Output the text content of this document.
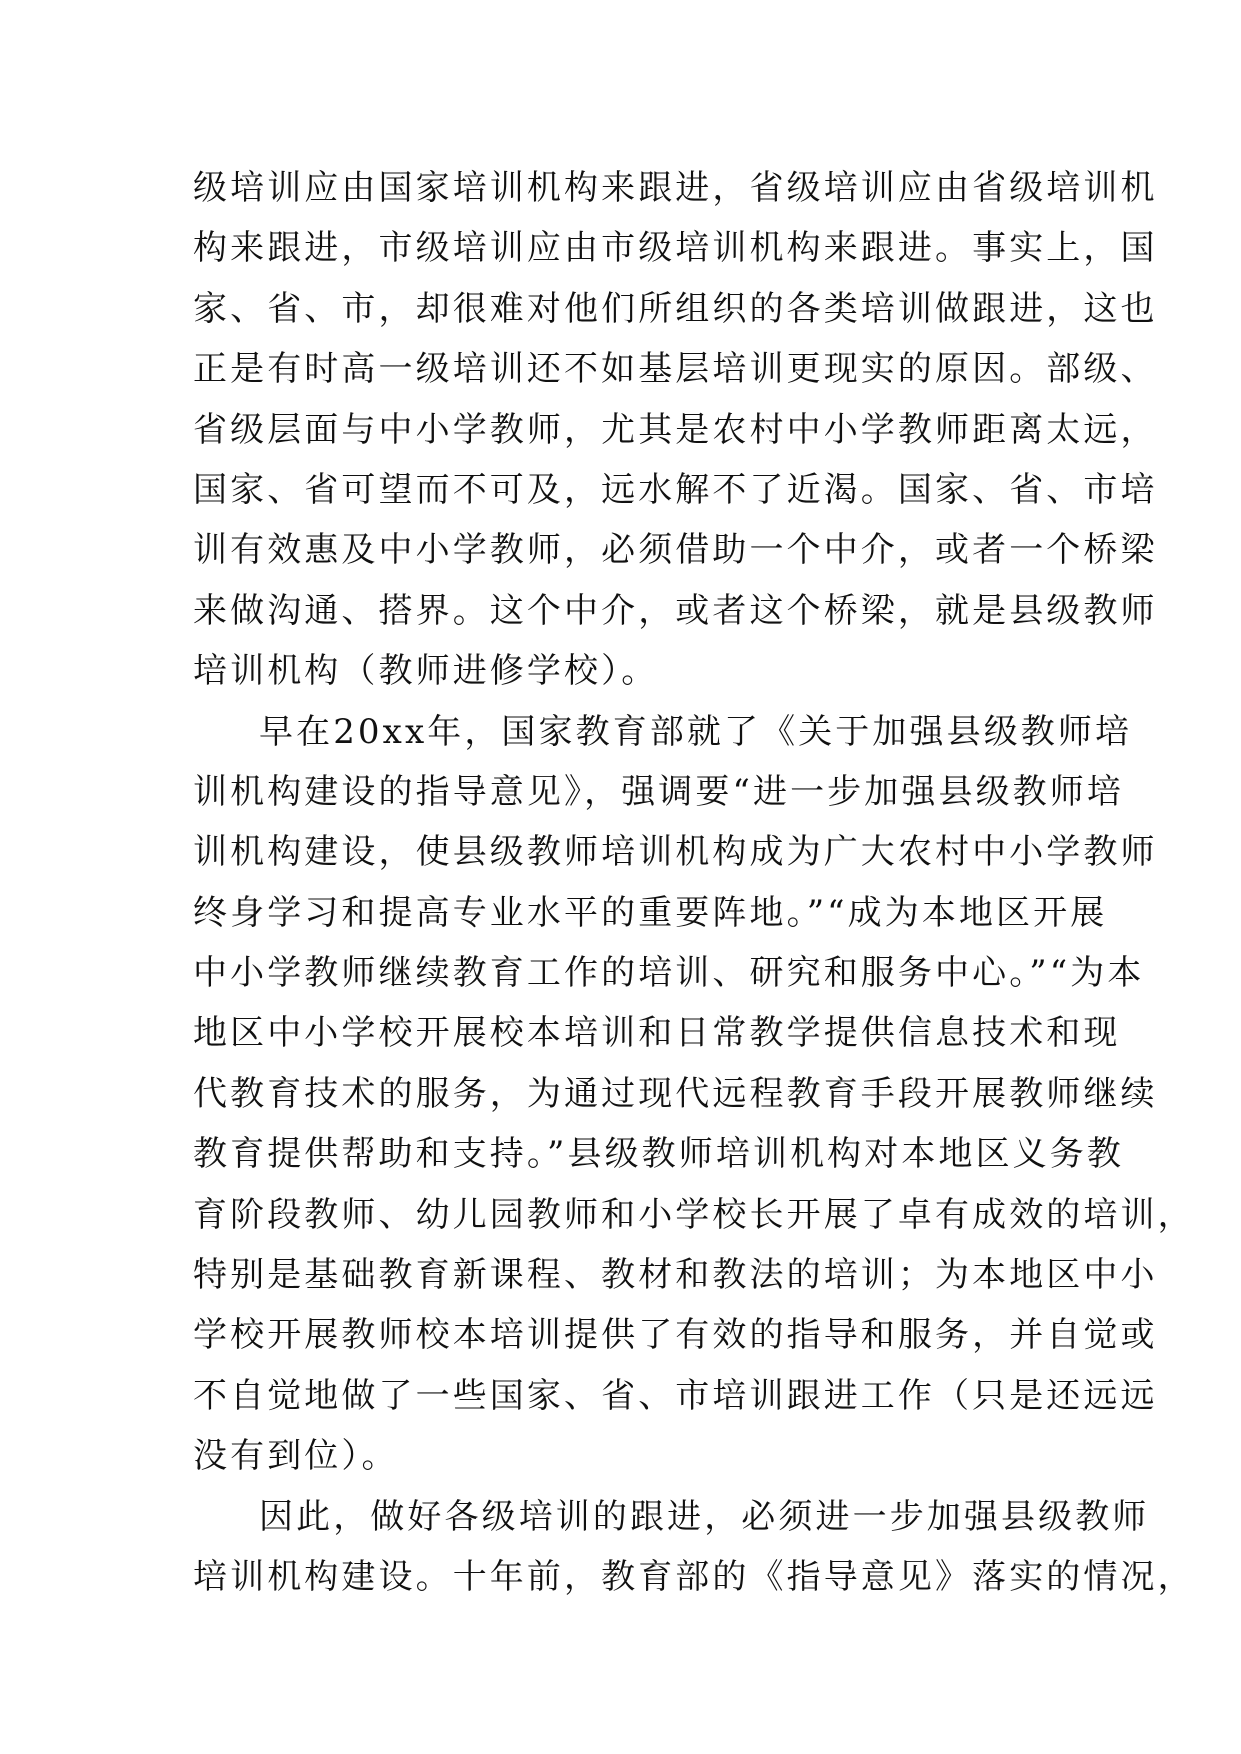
级培训应由国家培训机构来跟进，省级培训应由省级培训机
构来跟进，市级培训应由市级培训机构来跟进。事实上，国
家、省、市，却很难对他们所组织的各类培训做跟进，这也
正是有时高一级培训还不如基层培训更现实的原因。部级、
省级层面与中小学教师，尤其是农村中小学教师距离太远，
国家、省可望而不可及，远水解不了近渴。国家、省、市培
训有效惠及中小学教师，必须借助一个中介，或者一个桥梁
来做沟通、搭界。这个中介，或者这个桥梁，就是县级教师
培训机构（教师进修学校）。
早在20xx年，国家教育部就了《关于加强县级教师培
训机构建设的指导意见》，强调要“进一步加强县级教师培
训机构建设，使县级教师培训机构成为广大农村中小学教师
终身学习和提高专业水平的重要阵地。”“成为本地区开展
中小学教师继续教育工作的培训、研究和服务中心。”“为本
地区中小学校开展校本培训和日常教学提供信息技术和现
代教育技术的服务，为通过现代远程教育手段开展教师继续
教育提供帮助和支持。”县级教师培训机构对本地区义务教
育阶段教师、幼儿园教师和小学校长开展了卓有成效的培训，
特别是基础教育新课程、教材和教法的培训；为本地区中小
学校开展教师校本培训提供了有效的指导和服务，并自觉或
不自觉地做了一些国家、省、市培训跟进工作（只是还远远
没有到位）。
因此，做好各级培训的跟进，必须进一步加强县级教师
培训机构建设。十年前，教育部的《指导意见》落实的情况，
